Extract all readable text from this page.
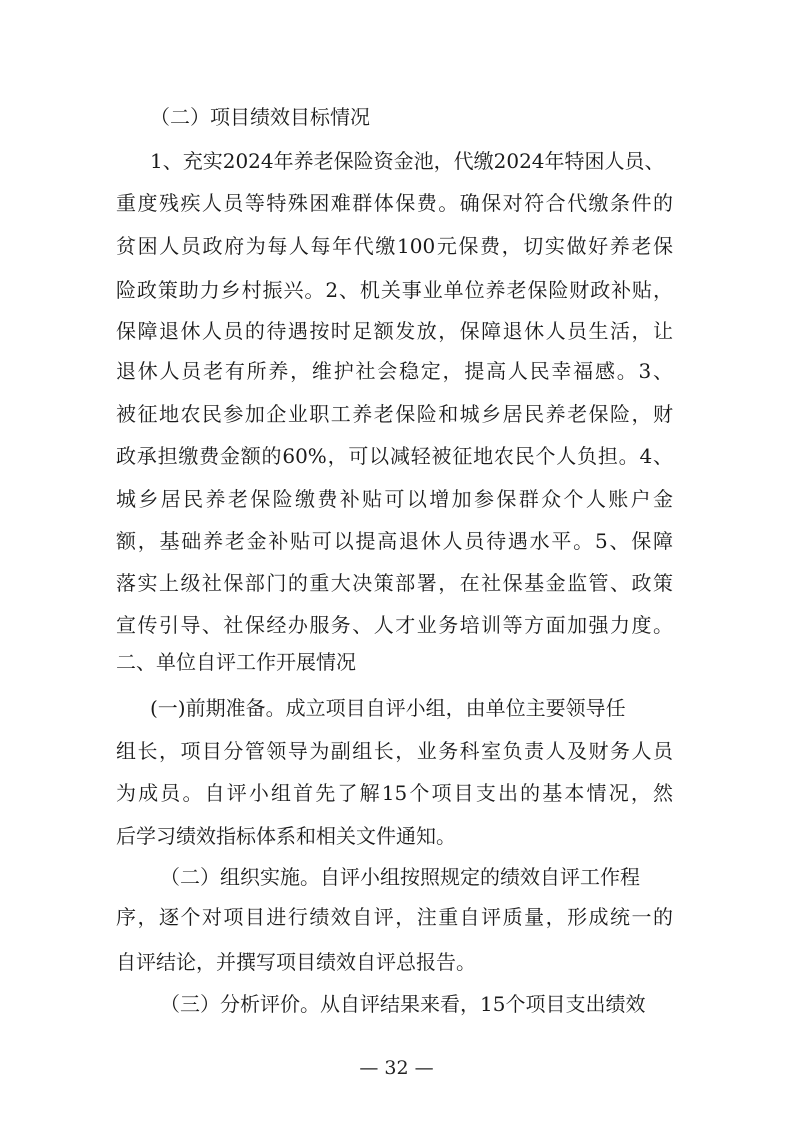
（二）项目绩效目标情况
1、充实2024年养老保险资金池，代缴2024年特困人员、
重度残疾人员等特殊困难群体保费。确保对符合代缴条件的
贫困人员政府为每人每年代缴100元保费，切实做好养老保
险政策助力乡村振兴。2、机关事业单位养老保险财政补贴，
保障退休人员的待遇按时足额发放，保障退休人员生活，让
退休人员老有所养，维护社会稳定，提高人民幸福感。3、
被征地农民参加企业职工养老保险和城乡居民养老保险，财
政承担缴费金额的60%，可以减轻被征地农民个人负担。4、
城乡居民养老保险缴费补贴可以增加参保群众个人账户金
额，基础养老金补贴可以提高退休人员待遇水平。5、保障
落实上级社保部门的重大决策部署，在社保基金监管、政策
宣传引导、社保经办服务、人才业务培训等方面加强力度。
二、单位自评工作开展情况
(一)前期准备。成立项目自评小组，由单位主要领导任
组长，项目分管领导为副组长，业务科室负责人及财务人员
为成员。自评小组首先了解15个项目支出的基本情况，然
后学习绩效指标体系和相关文件通知。
（二）组织实施。自评小组按照规定的绩效自评工作程
序，逐个对项目进行绩效自评，注重自评质量，形成统一的
自评结论，并撰写项目绩效自评总报告。
（三）分析评价。从自评结果来看，15个项目支出绩效
— 32 —
